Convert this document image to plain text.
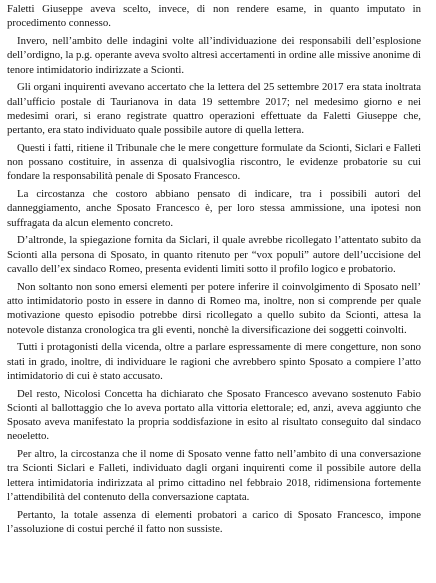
Faletti Giuseppe aveva scelto, invece, di non rendere esame, in quanto imputato in procedimento connesso.

Invero, nell’ambito delle indagini volte all’individuazione dei responsabili dell’esplosione dell’ordigno, la p.g. operante aveva svolto altresì accertamenti in ordine alle missive anonime di tenore intimidatorio indirizzate a Scionti.

Gli organi inquirenti avevano accertato che la lettera del 25 settembre 2017 era stata inoltrata dall’ufficio postale di Taurianova in data 19 settembre 2017; nel medesimo giorno e nei medesimi orari, si erano registrate quattro operazioni effettuate da Faletti Giuseppe che, pertanto, era stato individuato quale possibile autore di quella lettera.

Questi i fatti, ritiene il Tribunale che le mere congetture formulate da Scionti, Siclari e Falleti non possano costituire, in assenza di qualsivoglia riscontro, le evidenze probatorie su cui fondare la responsabilità penale di Sposato Francesco.

La circostanza che costoro abbiano pensato di indicare, tra i possibili autori del danneggiamento, anche Sposato Francesco è, per loro stessa ammissione, una ipotesi non suffragata da alcun elemento concreto.

D’altronde, la spiegazione fornita da Siclari, il quale avrebbe ricollegato l’attentato subito da Scionti alla persona di Sposato, in quanto ritenuto per “vox populi” autore dell’uccisione del cavallo dell’ex sindaco Romeo, presenta evidenti limiti sotto il profilo logico e probatorio.

Non soltanto non sono emersi elementi per potere inferire il coinvolgimento di Sposato nell’ atto intimidatorio posto in essere in danno di Romeo ma, inoltre, non si comprende per quale motivazione questo episodio potrebbe dirsi ricollegato a quello subito da Scionti, attesa la notevole distanza cronologica tra gli eventi, nonchè la diversificazione dei soggetti coinvolti.

Tutti i protagonisti della vicenda, oltre a parlare espressamente di mere congetture, non sono stati in grado, inoltre, di individuare le ragioni che avrebbero spinto Sposato a compiere l’atto intimidatorio di cui è stato accusato.

Del resto, Nicolosi Concetta ha dichiarato che Sposato Francesco avevano sostenuto Fabio Scionti al ballottaggio che lo aveva portato alla vittoria elettorale; ed, anzi, aveva aggiunto che Sposato aveva manifestato la propria soddisfazione in esito al risultato conseguito dal sindaco neoeletto.

Per altro, la circostanza che il nome di Sposato venne fatto nell’ambito di una conversazione tra Scionti Siclari e Falleti, individuato dagli organi inquirenti come il possibile autore della lettera intimidatoria indirizzata al primo cittadino nel febbraio 2018, ridimensiona fortemente l’attendibilità del contenuto della conversazione captata.

Pertanto, la totale assenza di elementi probatori a carico di Sposato Francesco, impone l’assoluzione di costui perché il fatto non sussiste.
